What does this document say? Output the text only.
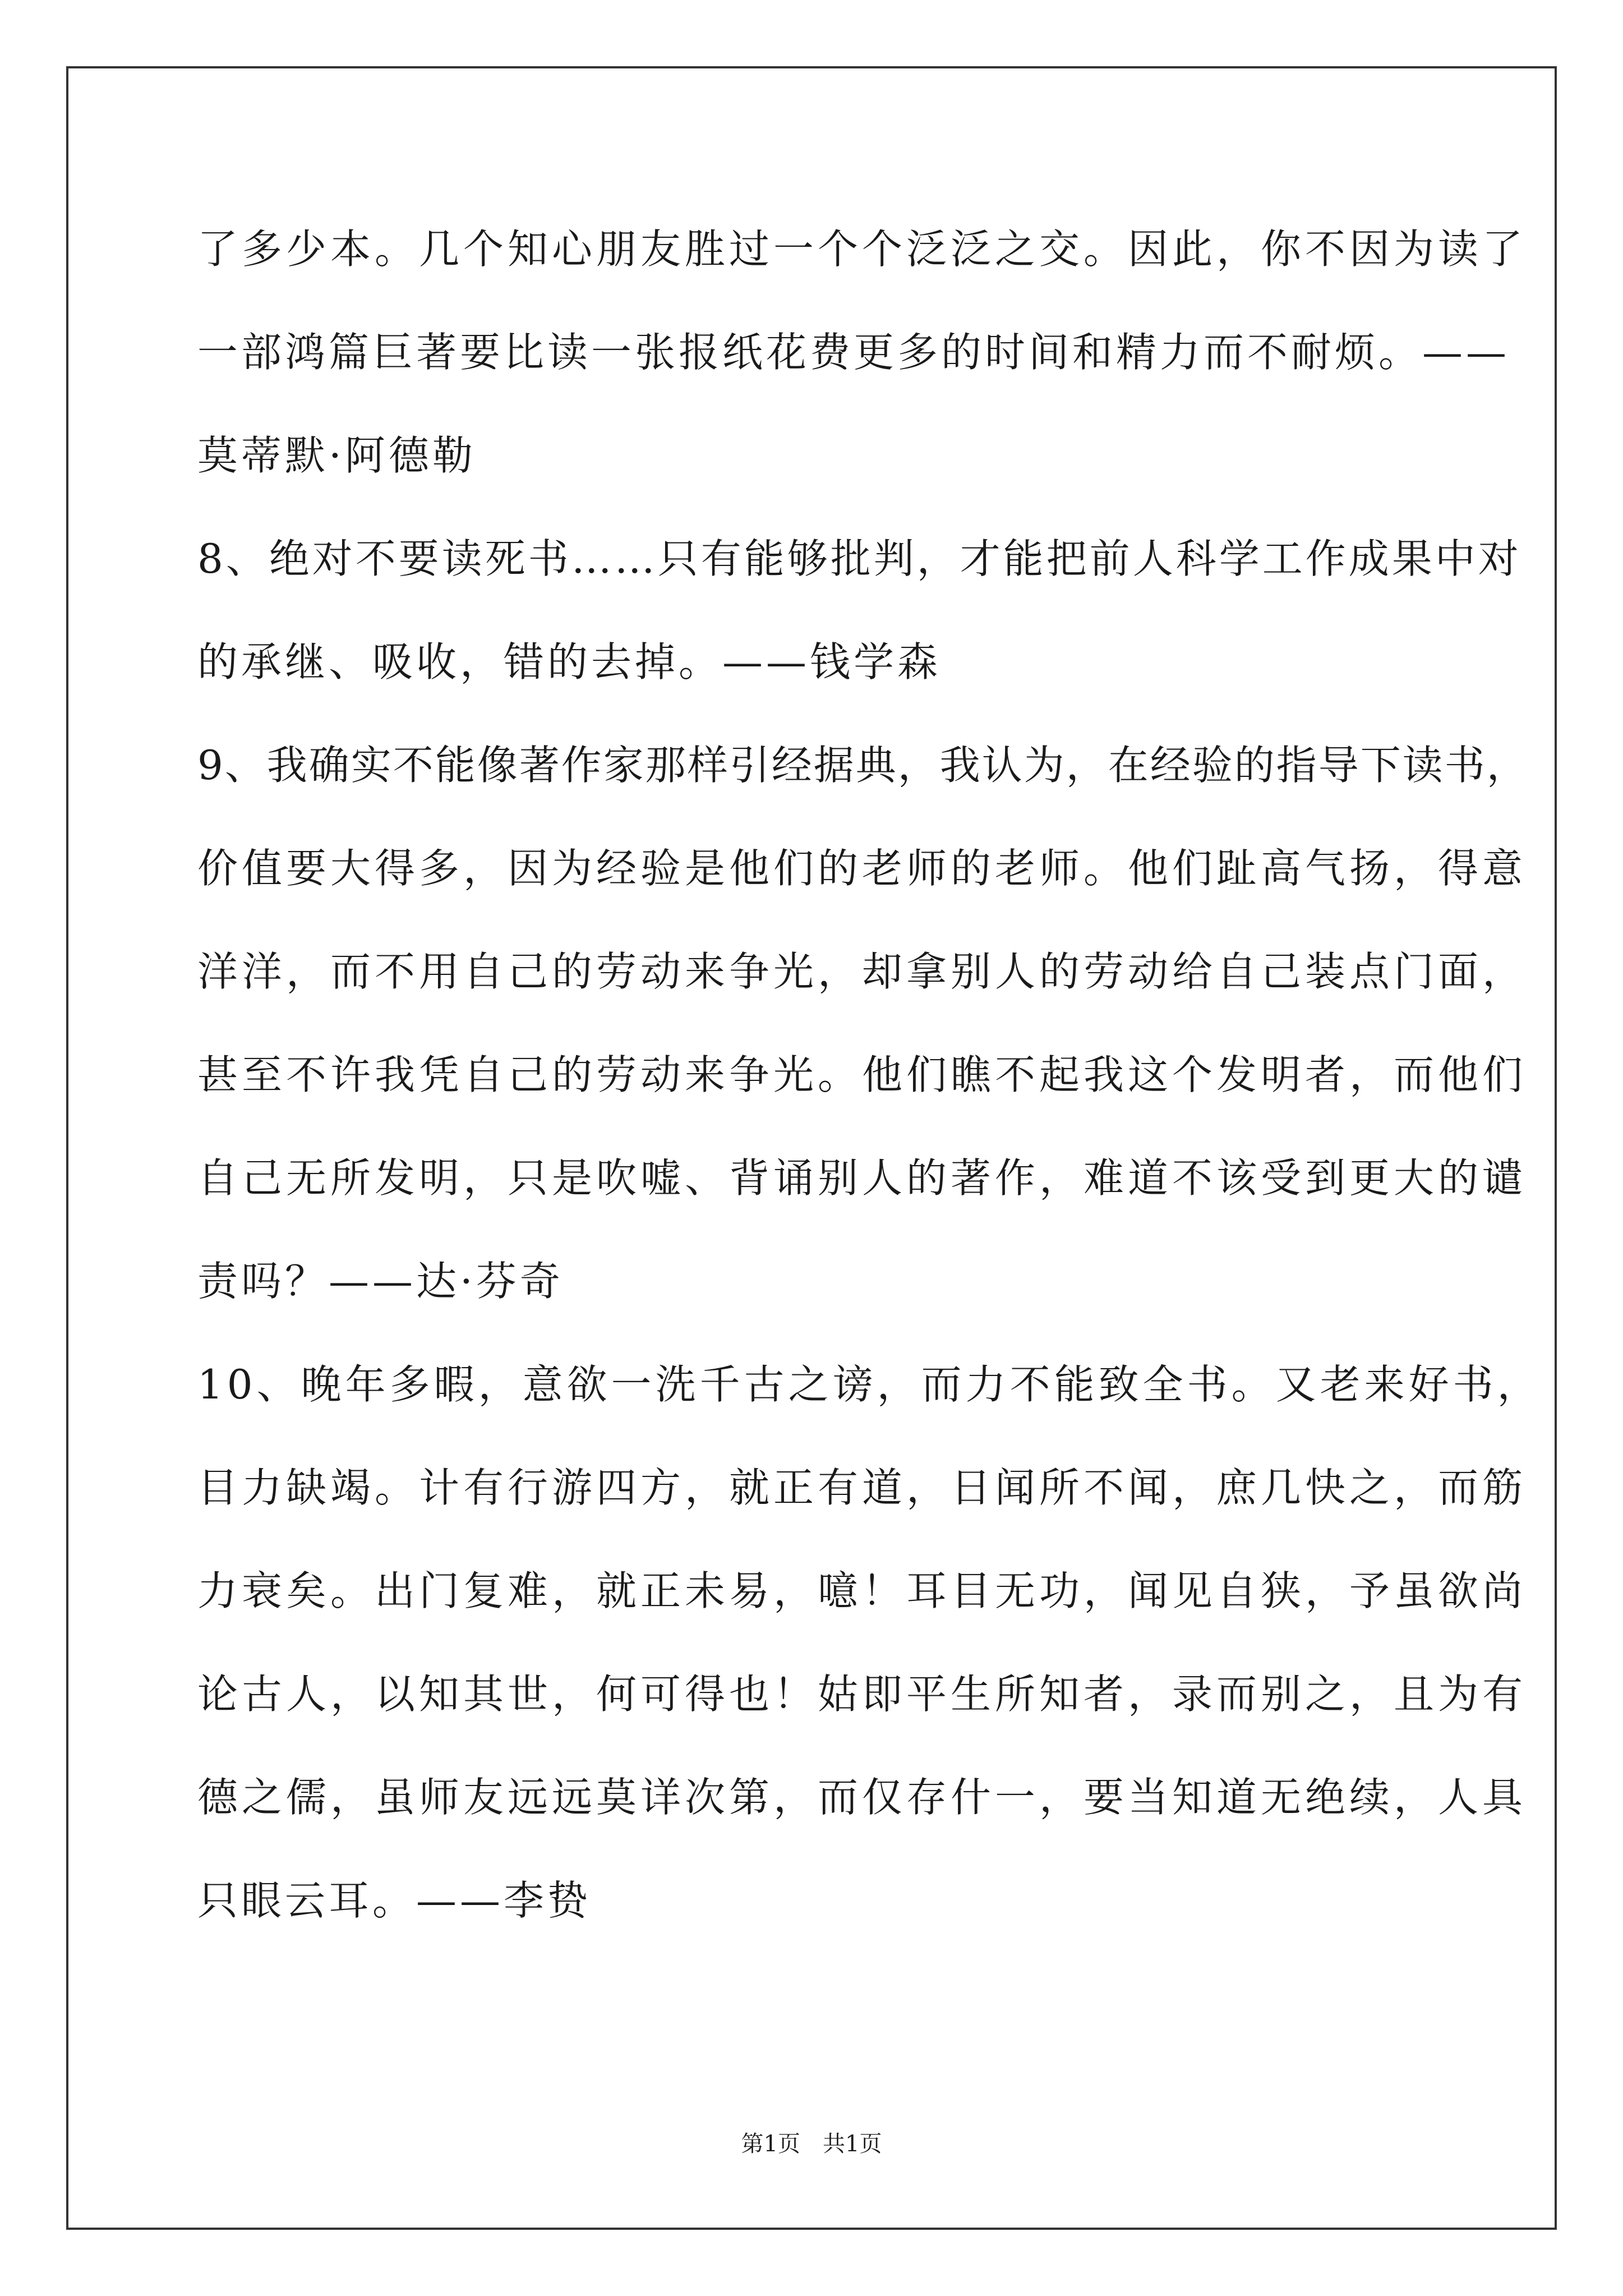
了多少本。几个知心朋友胜过一个个泛泛之交。因此，你不因为读了
一部鸿篇巨著要比读一张报纸花费更多的时间和精力而不耐烦。——
莫蒂默·阿德勒
8、绝对不要读死书……只有能够批判，才能把前人科学工作成果中对
的承继、吸收，错的去掉。——钱学森
9、我确实不能像著作家那样引经据典，我认为，在经验的指导下读书，
价值要大得多，因为经验是他们的老师的老师。他们趾高气扬，得意
洋洋，而不用自己的劳动来争光，却拿别人的劳动给自己装点门面，
甚至不许我凭自己的劳动来争光。他们瞧不起我这个发明者，而他们
自己无所发明，只是吹嘘、背诵别人的著作，难道不该受到更大的谴
责吗？——达·芬奇
10、晚年多暇，意欲一洗千古之谤，而力不能致全书。又老来好书，
目力缺竭。计有行游四方，就正有道，日闻所不闻，庶几快之，而筋
力衰矣。出门复难，就正未易，噫！耳目无功，闻见自狭，予虽欲尚
论古人，以知其世，何可得也！姑即平生所知者，录而别之，且为有
德之儒，虽师友远远莫详次第，而仅存什一，要当知道无绝续，人具
只眼云耳。——李贽
第1页　共1页
